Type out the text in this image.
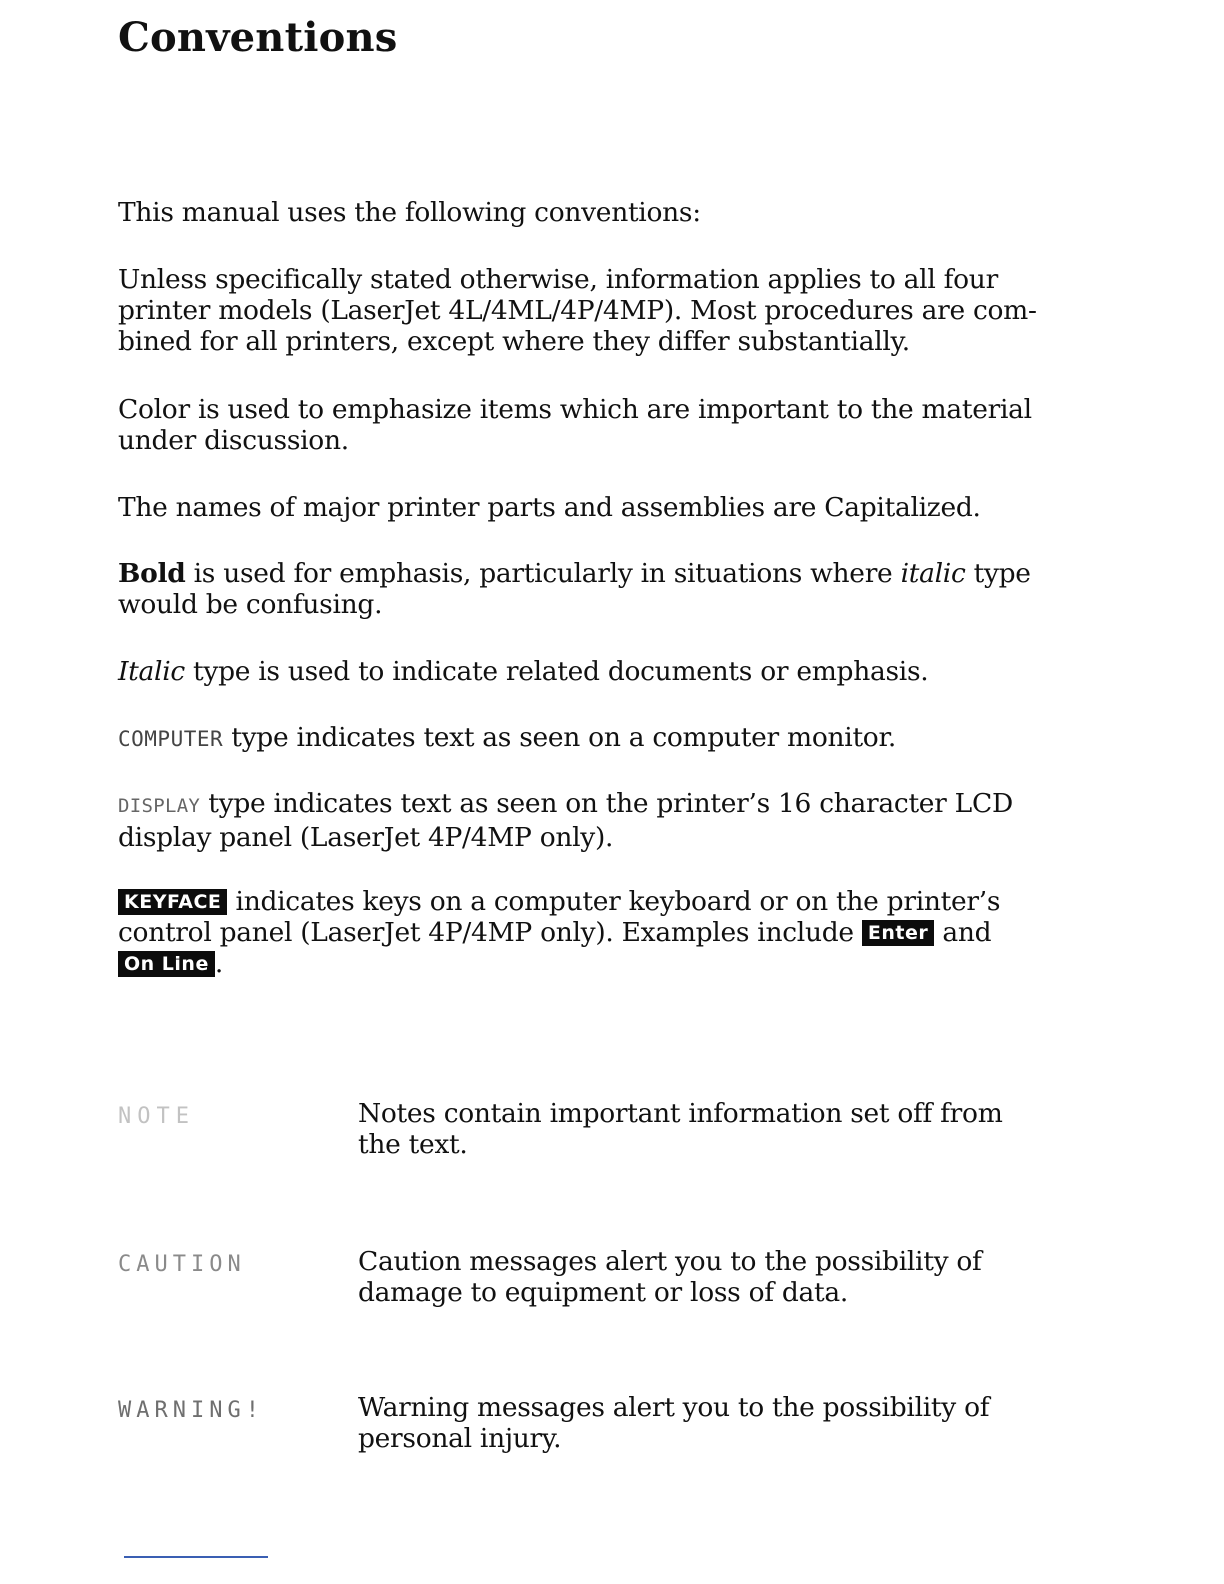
Conventions

This manual uses the following conventions:

Unless specifically stated otherwise, information applies to all four printer models (LaserJet 4L/4ML/4P/4MP). Most procedures are com-bined for all printers, except where they differ substantially.

Color is used to emphasize items which are important to the material under discussion.

The names of major printer parts and assemblies are Capitalized.

Bold is used for emphasis, particularly in situations where italic type would be confusing.

Italic type is used to indicate related documents or emphasis.

COMPUTER type indicates text as seen on a computer monitor.

DISPLAY type indicates text as seen on the printer’s 16 character LCD display panel (LaserJet 4P/4MP only).

KEYFACE indicates keys on a computer keyboard or on the printer’s control panel (LaserJet 4P/4MP only). Examples include Enter and On Line .

NOTE	Notes contain important information set off from the text.

CAUTION	Caution messages alert you to the possibility of damage to equipment or loss of data.

WARNING!	Warning messages alert you to the possibility of personal injury.
